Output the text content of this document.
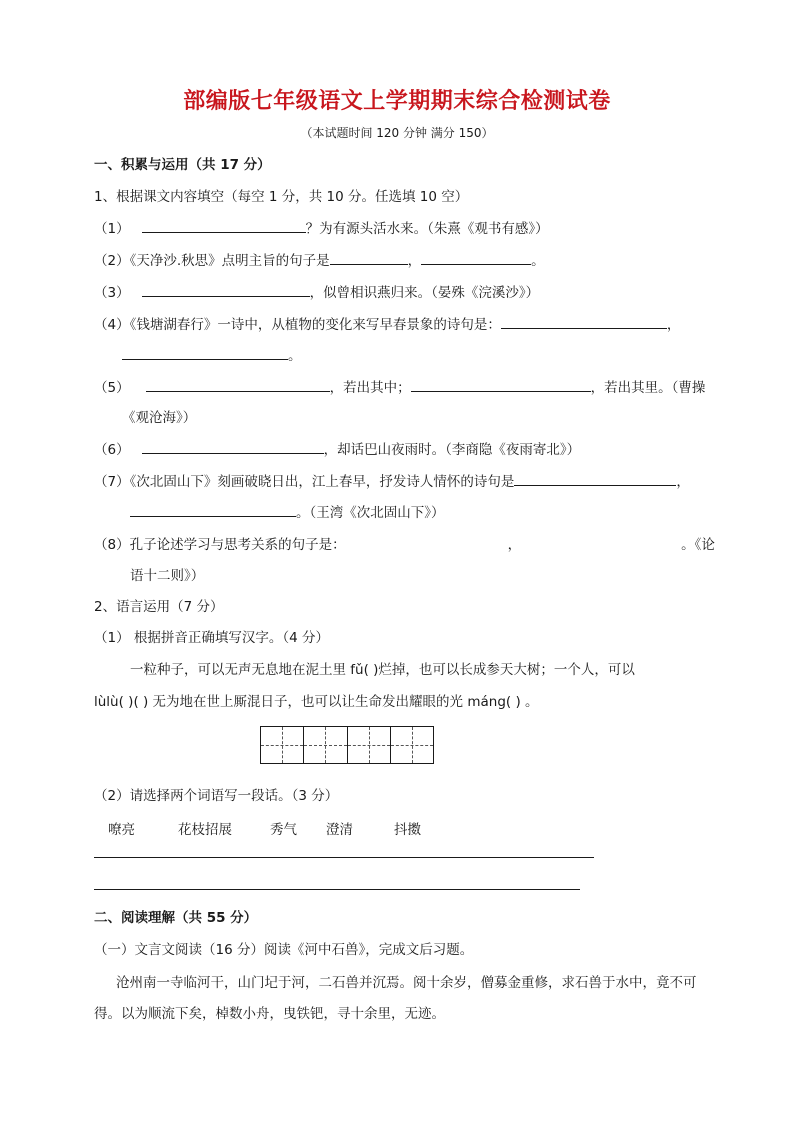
部编版七年级语文上学期期末综合检测试卷
（本试题时间 120 分钟 满分 150）
一、积累与运用（共 17 分）
1、根据课文内容填空（每空 1 分，共 10 分。任选填 10 空）
（1）	？为有源头活水来。（朱熹《观书有感》）
（2）《天净沙.秋思》点明主旨的句子是	，	。
（3）	，似曾相识燕归来。（晏殊《浣溪沙》）
（4）《钱塘湖春行》一诗中，从植物的变化来写早春景象的诗句是：	，
。
（5）	，若出其中；	，若出其里。（曹操
《观沧海》）
（6）	，却话巴山夜雨时。（李商隐《夜雨寄北》）
（7）《次北固山下》刻画破晓日出，江上春早，抒发诗人情怀的诗句是	，
。（王湾《次北固山下》）
（8）孔子论述学习与思考关系的句子是：	，	。《论
语十二则》）
2、语言运用（7 分）
（1） 根据拼音正确填写汉字。（4 分）
一粒种子，可以无声无息地在泥土里 fǔ( )烂掉，也可以长成参天大树；一个人，可以
lùlù( )( ) 无为地在世上厮混日子，也可以让生命发出耀眼的光 máng( ) 。
（2）请选择两个词语写一段话。（3 分）
嘹亮	花枝招展	秀气 澄清	抖擞
二、阅读理解（共 55 分）
（一）文言文阅读（16 分）阅读《河中石兽》，完成文后习题。
沧州南一寺临河干，山门圮于河，二石兽并沉焉。阅十余岁，僧募金重修，求石兽于水中，竟不可
得。以为顺流下矣，棹数小舟，曳铁钯，寻十余里，无迹。
